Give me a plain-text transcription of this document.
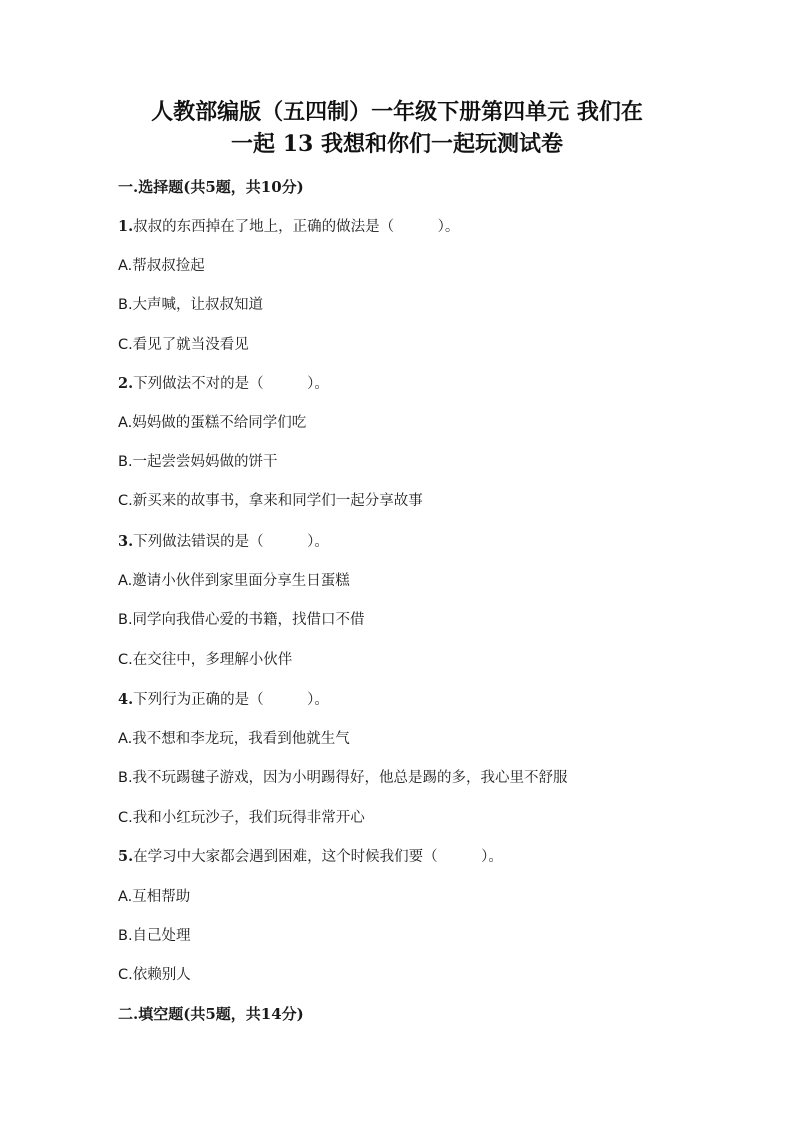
人教部编版（五四制）一年级下册第四单元 我们在
一起 13 我想和你们一起玩测试卷
一.选择题(共5题，共10分)
1.叔叔的东西掉在了地上，正确的做法是（　　　）。
A.帮叔叔捡起
B.大声喊，让叔叔知道
C.看见了就当没看见
2.下列做法不对的是（　　　）。
A.妈妈做的蛋糕不给同学们吃
B.一起尝尝妈妈做的饼干
C.新买来的故事书，拿来和同学们一起分享故事
3.下列做法错误的是（　　　）。
A.邀请小伙伴到家里面分享生日蛋糕
B.同学向我借心爱的书籍，找借口不借
C.在交往中，多理解小伙伴
4.下列行为正确的是（　　　）。
A.我不想和李龙玩，我看到他就生气
B.我不玩踢毽子游戏，因为小明踢得好，他总是踢的多，我心里不舒服
C.我和小红玩沙子，我们玩得非常开心
5.在学习中大家都会遇到困难，这个时候我们要（　　　）。
A.互相帮助
B.自己处理
C.依赖别人
二.填空题(共5题，共14分)
